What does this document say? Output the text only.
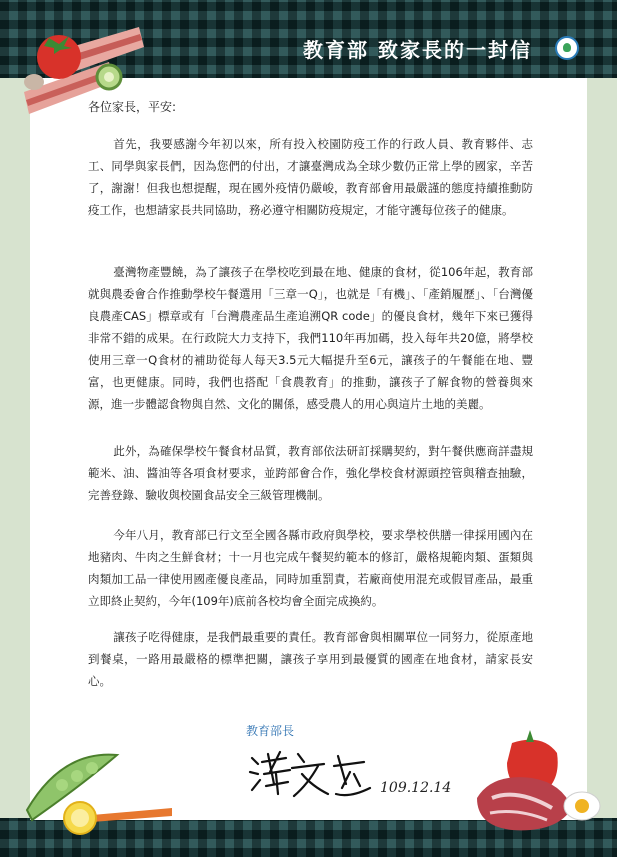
教育部 致家長的一封信
各位家長，平安:

首先，我要感謝今年初以來，所有投入校園防疫工作的行政人員、教育夥伴、志工、同學與家長們，因為您們的付出，才讓臺灣成為全球少數仍正常上學的國家，辛苦了，謝謝！但我也想提醒，現在國外疫情仍嚴峻，教育部會用最嚴謹的態度持續推動防疫工作，也想請家長共同協助，務必遵守相關防疫規定，才能守護每位孩子的健康。

臺灣物產豐饒，為了讓孩子在學校吃到最在地、健康的食材，從106年起，教育部就與農委會合作推動學校午餐選用「三章一Q」，也就是「有機」、「產銷履歷」、「台灣優良農產CAS」標章或有「台灣農產品生產追溯QR code」的優良食材，幾年下來已獲得非常不錯的成果。在行政院大力支持下，我們110年再加碼，投入每年共20億，將學校使用三章一Q食材的補助從每人每天3.5元大幅提升至6元，讓孩子的午餐能在地、豐富，也更健康。同時，我們也搭配「食農教育」的推動，讓孩子了解食物的營養與來源，進一步體認食物與自然、文化的關係，感受農人的用心與這片土地的美麗。

此外，為確保學校午餐食材品質，教育部依法研訂採購契約，對午餐供應商詳盡規範米、油、醬油等各項食材要求，並跨部會合作，強化學校食材源頭控管與稽查抽驗，完善登錄、驗收與校園食品安全三級管理機制。

今年八月，教育部已行文至全國各縣市政府與學校，要求學校供膳一律採用國內在地豬肉、牛肉之生鮮食材；十一月也完成午餐契約範本的修訂，嚴格規範肉類、蛋類與肉類加工品一律使用國產優良產品，同時加重罰責，若廠商使用混充或假冒產品，最重立即終止契約，今年(109年)底前各校均會全面完成換約。

讓孩子吃得健康，是我們最重要的責任。教育部會與相關單位一同努力，從原產地到餐桌，一路用最嚴格的標準把關，讓孩子享用到最優質的國產在地食材，請家長安心。

教育部長
109.12.14
